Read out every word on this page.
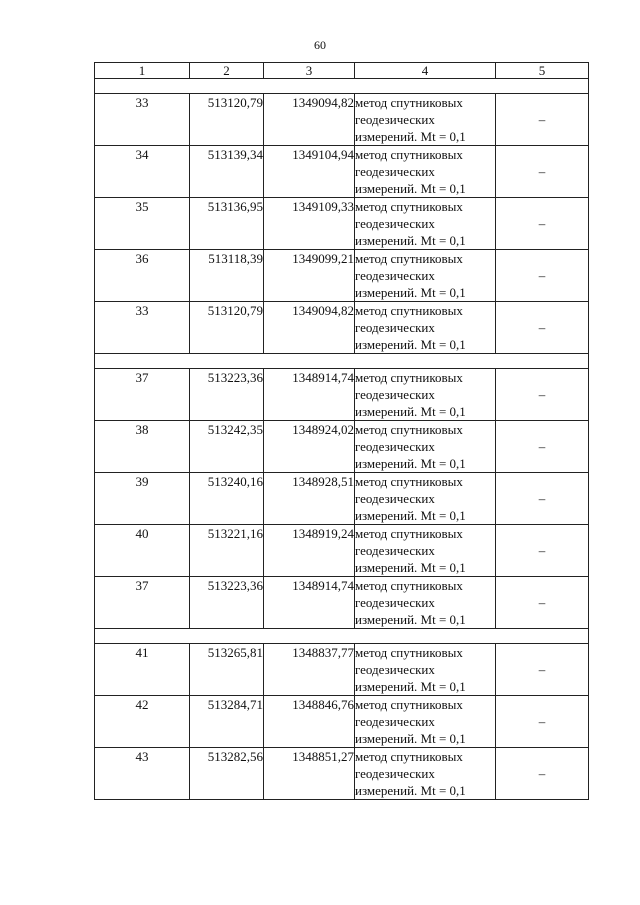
60
1	2	3	4	5

33	513120,79	1349094,82	метод спутниковых геодезических измерений. Mt = 0,1	–
34	513139,34	1349104,94	метод спутниковых геодезических измерений. Mt = 0,1	–
35	513136,95	1349109,33	метод спутниковых геодезических измерений. Mt = 0,1	–
36	513118,39	1349099,21	метод спутниковых геодезических измерений. Mt = 0,1	–
33	513120,79	1349094,82	метод спутниковых геодезических измерений. Mt = 0,1	–

37	513223,36	1348914,74	метод спутниковых геодезических измерений. Mt = 0,1	–
38	513242,35	1348924,02	метод спутниковых геодезических измерений. Mt = 0,1	–
39	513240,16	1348928,51	метод спутниковых геодезических измерений. Mt = 0,1	–
40	513221,16	1348919,24	метод спутниковых геодезических измерений. Mt = 0,1	–
37	513223,36	1348914,74	метод спутниковых геодезических измерений. Mt = 0,1	–

41	513265,81	1348837,77	метод спутниковых геодезических измерений. Mt = 0,1	–
42	513284,71	1348846,76	метод спутниковых геодезических измерений. Mt = 0,1	–
43	513282,56	1348851,27	метод спутниковых геодезических измерений. Mt = 0,1	–
